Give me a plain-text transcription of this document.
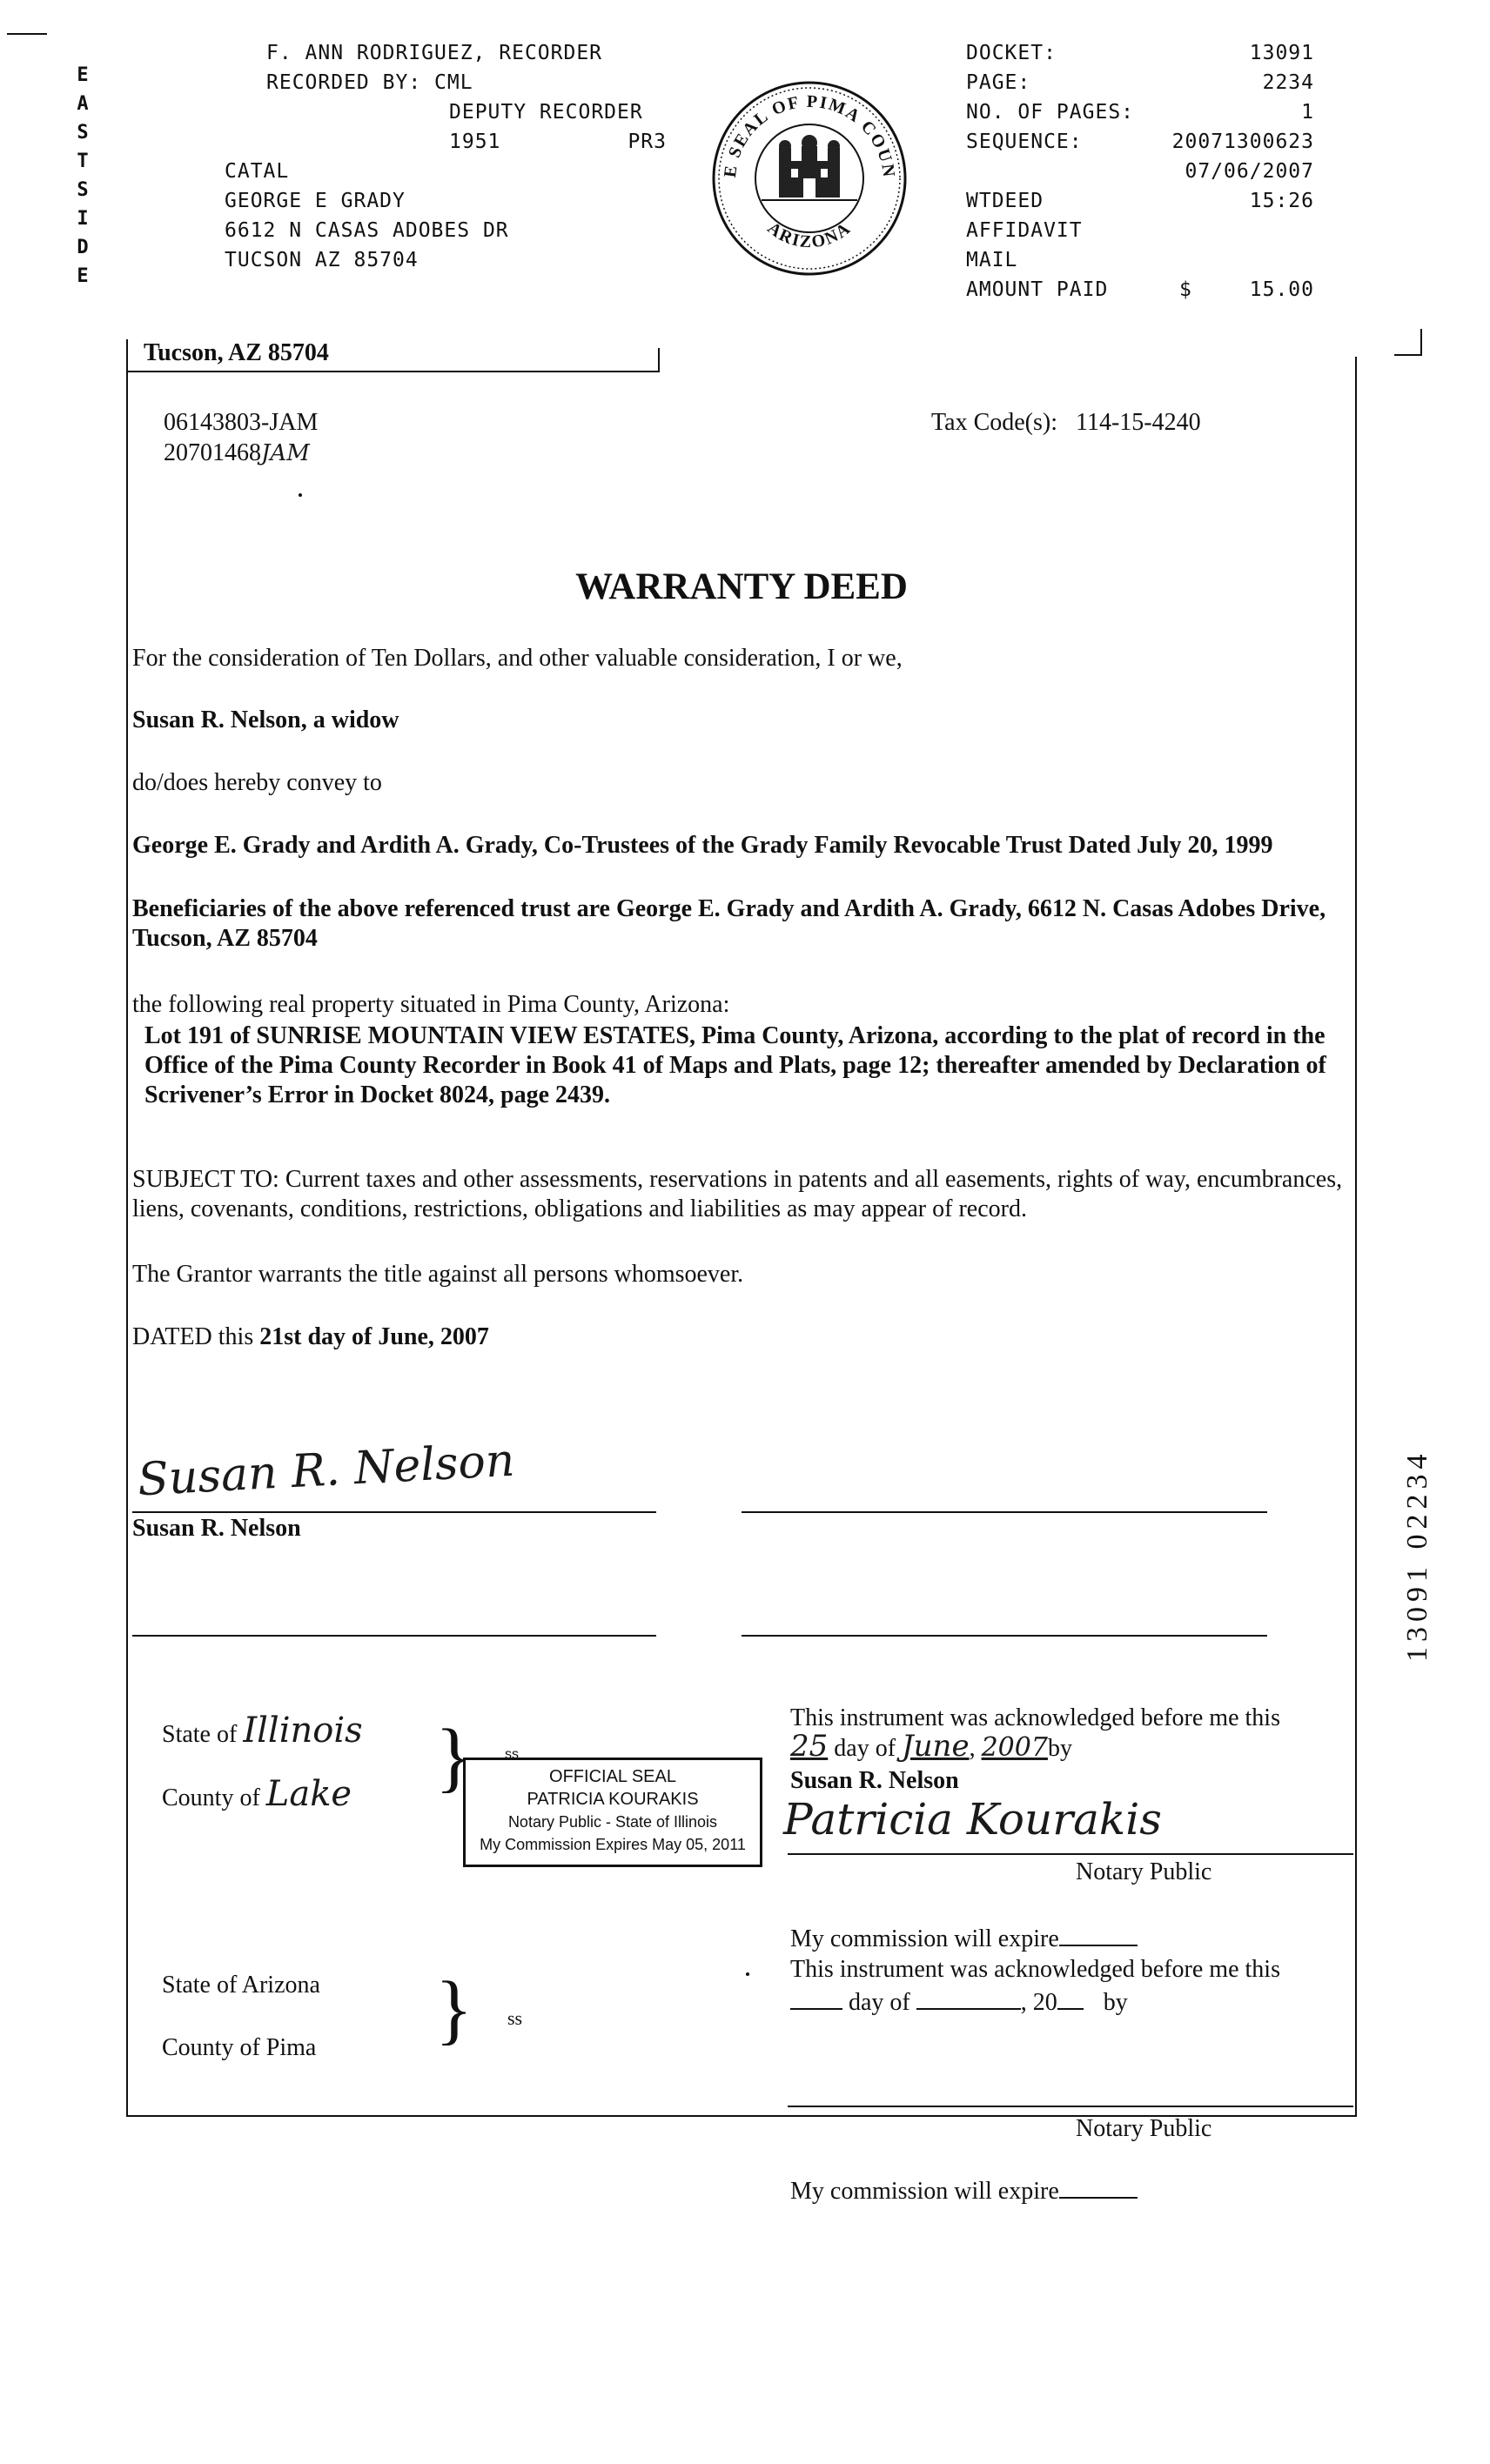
E
A
S
T
S
I
D
E
F. ANN RODRIGUEZ, RECORDER
RECORDED BY: CML
DEPUTY RECORDER
1951	PR3
CATAL
GEORGE E GRADY
6612 N CASAS ADOBES DR
TUCSON AZ 85704
E SEAL OF PIMA COUN
ARIZONA
DOCKET:	13091
PAGE:	2234
NO. OF PAGES:	1
SEQUENCE:	20071300623
07/06/2007
WTDEED	15:26
AFFIDAVIT
MAIL
AMOUNT PAID	$	15.00
Tucson, AZ 85704
06143803-JAM
20701468JAM
Tax Code(s): 114-15-4240
WARRANTY DEED
For the consideration of Ten Dollars, and other valuable consideration, I or we,
Susan R. Nelson, a widow
do/does hereby convey to
George E. Grady and Ardith A. Grady, Co-Trustees of the Grady Family Revocable Trust Dated July 20, 1999
Beneficiaries of the above referenced trust are George E. Grady and Ardith A. Grady, 6612 N. Casas Adobes Drive, Tucson, AZ 85704
the following real property situated in Pima County, Arizona:
Lot 191 of SUNRISE MOUNTAIN VIEW ESTATES, Pima County, Arizona, according to the plat of record in the Office of the Pima County Recorder in Book 41 of Maps and Plats, page 12; thereafter amended by Declaration of Scrivener’s Error in Docket 8024, page 2439.
SUBJECT TO: Current taxes and other assessments, reservations in patents and all easements, rights of way, encumbrances, liens, covenants, conditions, restrictions, obligations and liabilities as may appear of record.
The Grantor warrants the title against all persons whomsoever.
DATED this 21st day of June, 2007
Susan R. Nelson
Susan R. Nelson
State of Illinois
County of Lake } ss
OFFICIAL SEAL
PATRICIA KOURAKIS
Notary Public - State of Illinois
My Commission Expires May 05, 2011
This instrument was acknowledged before me this
25 day of June, 2007by
Susan R. Nelson
Patricia Kourakis
Notary Public
My commission will expire
State of Arizona
County of Pima } ss
This instrument was acknowledged before me this
day of	, 20 by
Notary Public
My commission will expire
13091 02234
